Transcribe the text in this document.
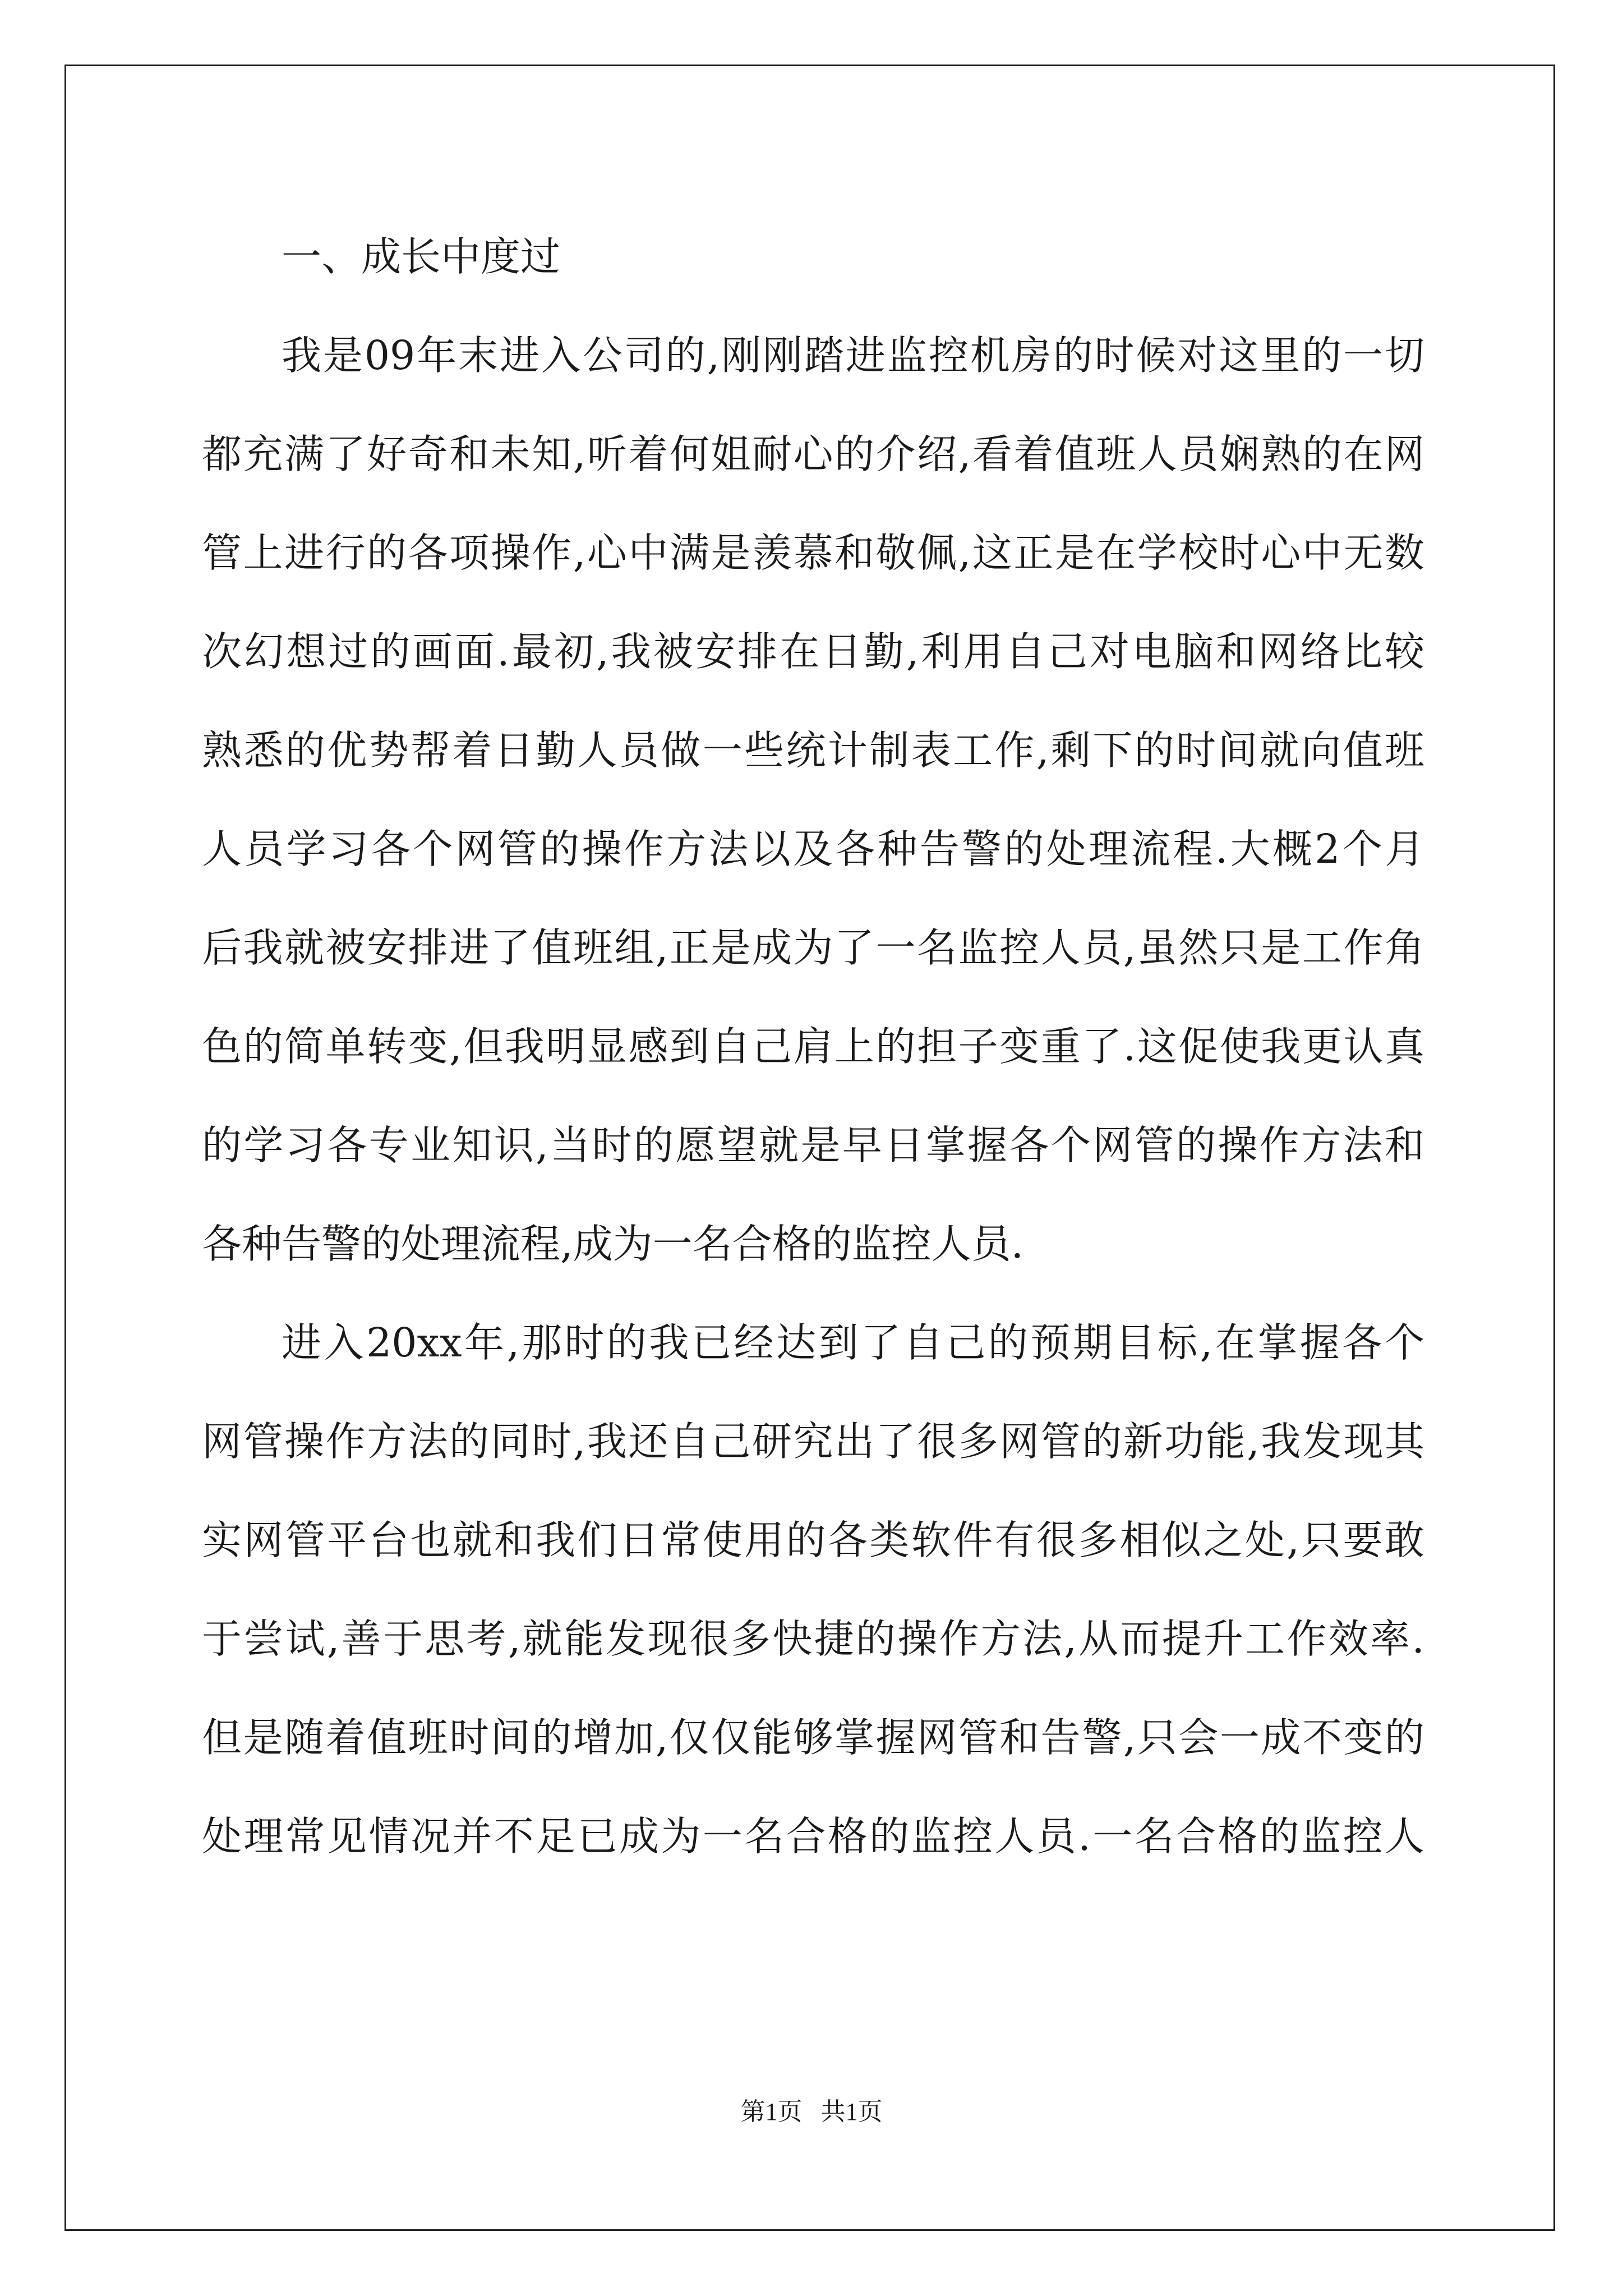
一、成长中度过
我是09年末进入公司的,刚刚踏进监控机房的时候对这里的一切
都充满了好奇和未知,听着何姐耐心的介绍,看着值班人员娴熟的在网
管上进行的各项操作,心中满是羡慕和敬佩,这正是在学校时心中无数
次幻想过的画面.最初,我被安排在日勤,利用自己对电脑和网络比较
熟悉的优势帮着日勤人员做一些统计制表工作,剩下的时间就向值班
人员学习各个网管的操作方法以及各种告警的处理流程.大概2个月
后我就被安排进了值班组,正是成为了一名监控人员,虽然只是工作角
色的简单转变,但我明显感到自己肩上的担子变重了.这促使我更认真
的学习各专业知识,当时的愿望就是早日掌握各个网管的操作方法和
各种告警的处理流程,成为一名合格的监控人员.
进入20xx年,那时的我已经达到了自己的预期目标,在掌握各个
网管操作方法的同时,我还自己研究出了很多网管的新功能,我发现其
实网管平台也就和我们日常使用的各类软件有很多相似之处,只要敢
于尝试,善于思考,就能发现很多快捷的操作方法,从而提升工作效率.
但是随着值班时间的增加,仅仅能够掌握网管和告警,只会一成不变的
处理常见情况并不足已成为一名合格的监控人员.一名合格的监控人
第1页 共1页
